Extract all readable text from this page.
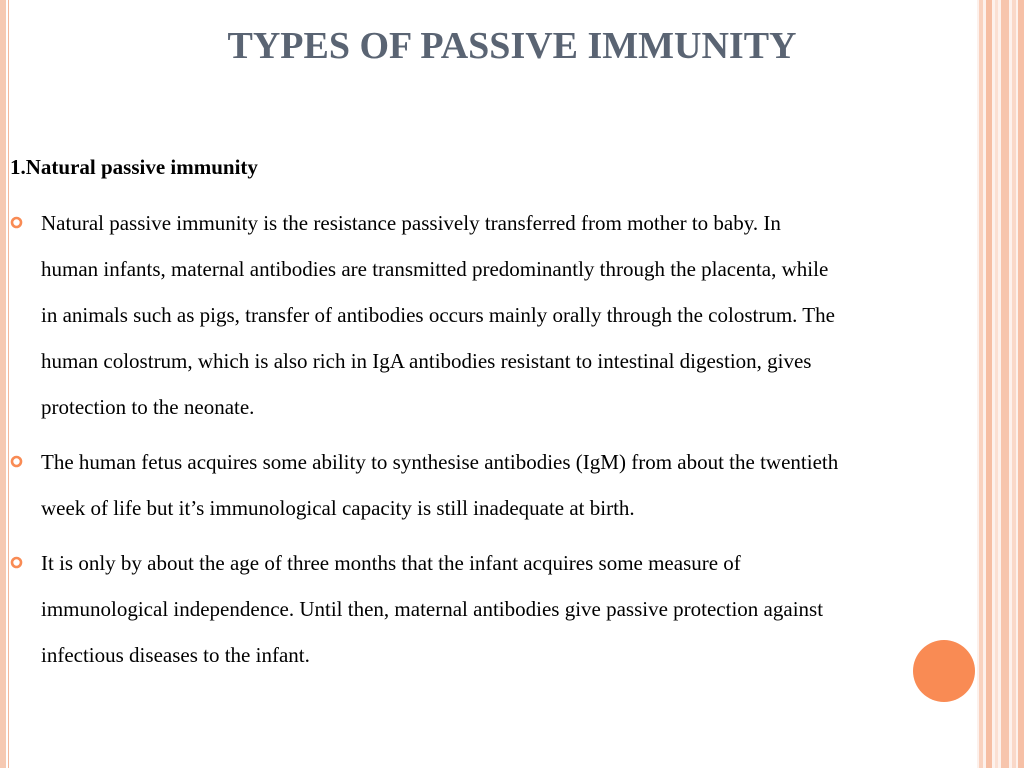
TYPES OF PASSIVE IMMUNITY
1.Natural passive immunity
Natural passive immunity is the resistance passively transferred from mother to baby. In
human infants, maternal antibodies are transmitted predominantly through the placenta, while
in animals such as pigs, transfer of antibodies occurs mainly orally through the colostrum. The
human colostrum, which is also rich in IgA antibodies resistant to intestinal digestion, gives
protection to the neonate.
The human fetus acquires some ability to synthesise antibodies (IgM) from about the twentieth
week of life but it’s immunological capacity is still inadequate at birth.
It is only by about the age of three months that the infant acquires some measure of
immunological independence. Until then, maternal antibodies give passive protection against
infectious diseases to the infant.
